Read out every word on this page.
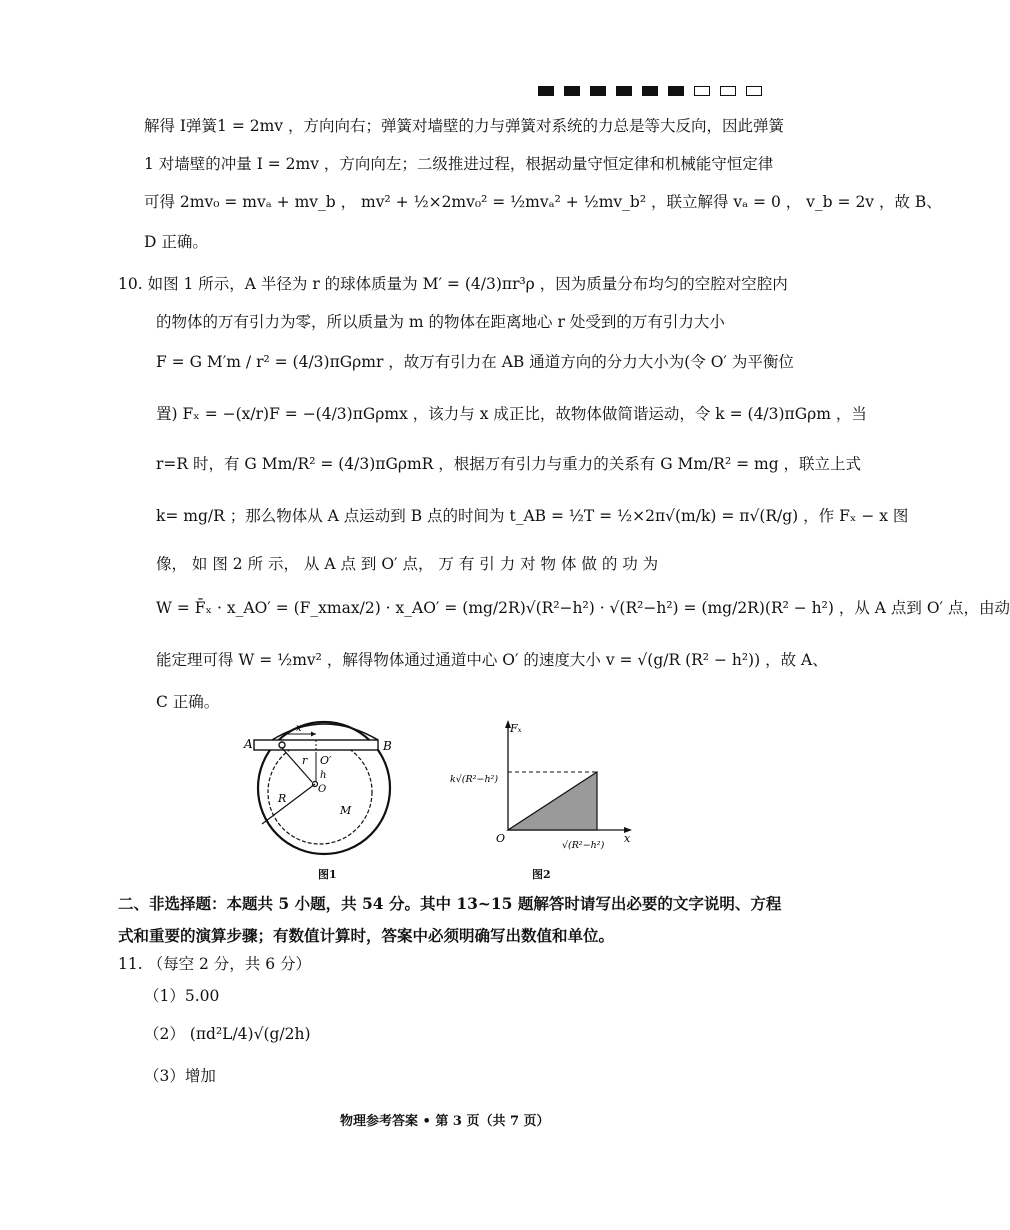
解得 I弹簧1 = 2mv ，方向向右；弹簧对墙壁的力与弹簧对系统的力总是等大反向，因此弹簧
1 对墙壁的冲量 I = 2mv ，方向向左；二级推进过程，根据动量守恒定律和机械能守恒定律
可得 2mv₀ = mvₐ + mv_b ， mv² + ½×2mv₀² = ½mvₐ² + ½mv_b² ，联立解得 vₐ = 0 ， v_b = 2v ，故 B、
D 正确。
10. 如图 1 所示，A 半径为 r 的球体质量为 M′ = (4/3)πr³ρ ，因为质量分布均匀的空腔对空腔内
的物体的万有引力为零，所以质量为 m 的物体在距离地心 r 处受到的万有引力大小
F = G M′m / r² = (4/3)πGρmr ，故万有引力在 AB 通道方向的分力大小为(令 O′ 为平衡位
置) Fₓ = −(x/r)F = −(4/3)πGρmx ，该力与 x 成正比，故物体做简谐运动，令 k = (4/3)πGρm ，当
r=R 时，有 G Mm/R² = (4/3)πGρmR ，根据万有引力与重力的关系有 G Mm/R² = mg ，联立上式
k= mg/R ；那么物体从 A 点运动到 B 点的时间为 t_AB = ½T = ½×2π√(m/k) = π√(R/g) ，作 Fₓ − x 图
像， 如 图 2 所 示， 从 A 点 到 O′ 点， 万 有 引 力 对 物 体 做 的 功 为
W = F̄ₓ · x_AO′ = (F_xmax/2) · x_AO′ = (mg/2R)√(R²−h²) · √(R²−h²) = (mg/2R)(R² − h²) ，从 A 点到 O′ 点，由动
能定理可得 W = ½mv² ，解得物体通过通道中心 O′ 的速度大小 v = √(g/R (R² − h²)) ，故 A、
C 正确。
A	B
x
r O′
h
O
R
M
图1
Fₓ
x
O
k√(R²−h²)
√(R²−h²)
图2
二、非选择题：本题共 5 小题，共 54 分。其中 13~15 题解答时请写出必要的文字说明、方程
式和重要的演算步骤；有数值计算时，答案中必须明确写出数值和单位。
11. （每空 2 分，共 6 分）
（1）5.00
（2） (πd²L/4)√(g/2h)
（3）增加
物理参考答案 • 第 3 页（共 7 页）
